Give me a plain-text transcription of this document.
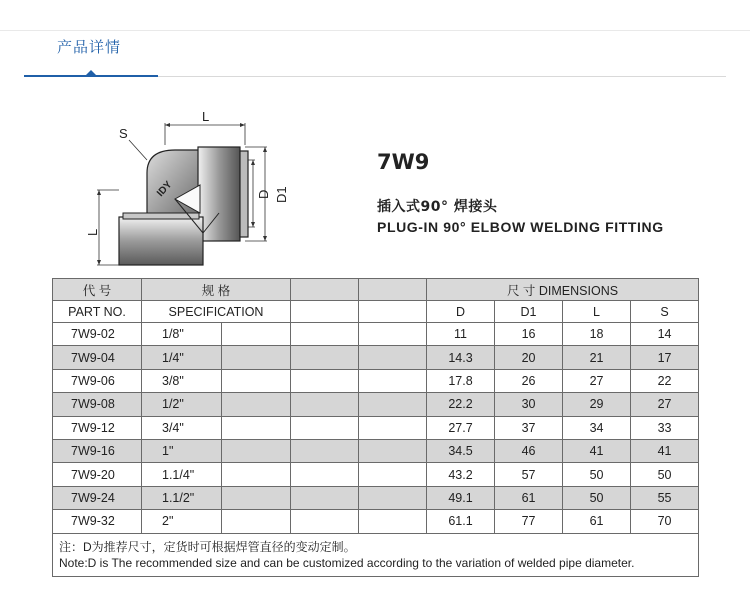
产品详情
IDY
L
S
L
D D1
7W9
插入式90° 焊接头
PLUG-IN 90° ELBOW WELDING FITTING
代 号	规 格				尺 寸 DIMENSIONS			
PART NO.	SPECIFICATION				D	D1	L	S
7W9-02	1/8"				11	16	18	14
7W9-04	1/4"				14.3	20	21	17
7W9-06	3/8"				17.8	26	27	22
7W9-08	1/2"				22.2	30	29	27
7W9-12	3/4"				27.7	37	34	33
7W9-16	1"				34.5	46	41	41
7W9-20	1.1/4"				43.2	57	50	50
7W9-24	1.1/2"				49.1	61	50	55
7W9-32	2"				61.1	77	61	70

注：D为推荐尺寸，定货时可根据焊管直径的变动定制。
Note:D is The recommended size and can be customized according to the variation of welded pipe diameter.								
